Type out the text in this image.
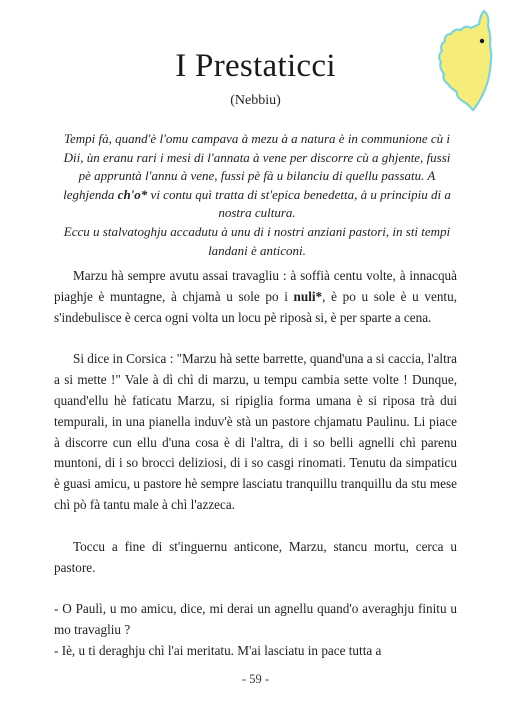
I Prestaticci
(Nebbiu)

Tempi fà, quand'è l'omu campava à mezu à a natura è in communione cù i Dii, ùn eranu rari i mesi di l'annata à vene per discorre cù a ghjente, fussi pè appruntà l'annu à vene, fussi pè fà u bilanciu di quellu passatu. A leghjenda ch'o* vi contu quì tratta di st'epica benedetta, à u principiu di a nostra cultura.

Eccu u stalvatoghju accadutu à unu di i nostri anziani pastori, in sti tempi landani è anticoni.

Marzu hà sempre avutu assai travagliu : à soffià centu volte, à innacquà piaghje è muntagne, à chjamà u sole po i nuli*, è po u sole è u ventu, s'indebulisce è cerca ogni volta un locu pè riposà si, è per sparte a cena.

Si dice in Corsica : "Marzu hà sette barrette, quand'una a si caccia, l'altra a si mette !" Vale à dì chì di marzu, u tempu cambia sette volte ! Dunque, quand'ellu hè faticatu Marzu, si ripiglia forma umana è si riposa trà dui tempurali, in una pianella induv'è stà un pastore chjamatu Paulinu. Li piace à discorre cun ellu d'una cosa è di l'altra, di i so belli agnelli chì parenu muntoni, di i so brocci deliziosi, di i so casgi rinomati. Tenutu da simpaticu è guasi amicu, u pastore hè sempre lasciatu tranquillu tranquillu da stu mese chì pò fà tantu male à chì l'azzeca.

Toccu a fine di st'inguernu anticone, Marzu, stancu mortu, cerca u pastore.

- O Paulì, u mo amicu, dice, mi derai un agnellu quand'o averaghju finitu u mo travagliu ?

- Iè, u ti deraghju chì l'ai meritatu. M'ai lasciatu in pace tutta a

- 59 -
